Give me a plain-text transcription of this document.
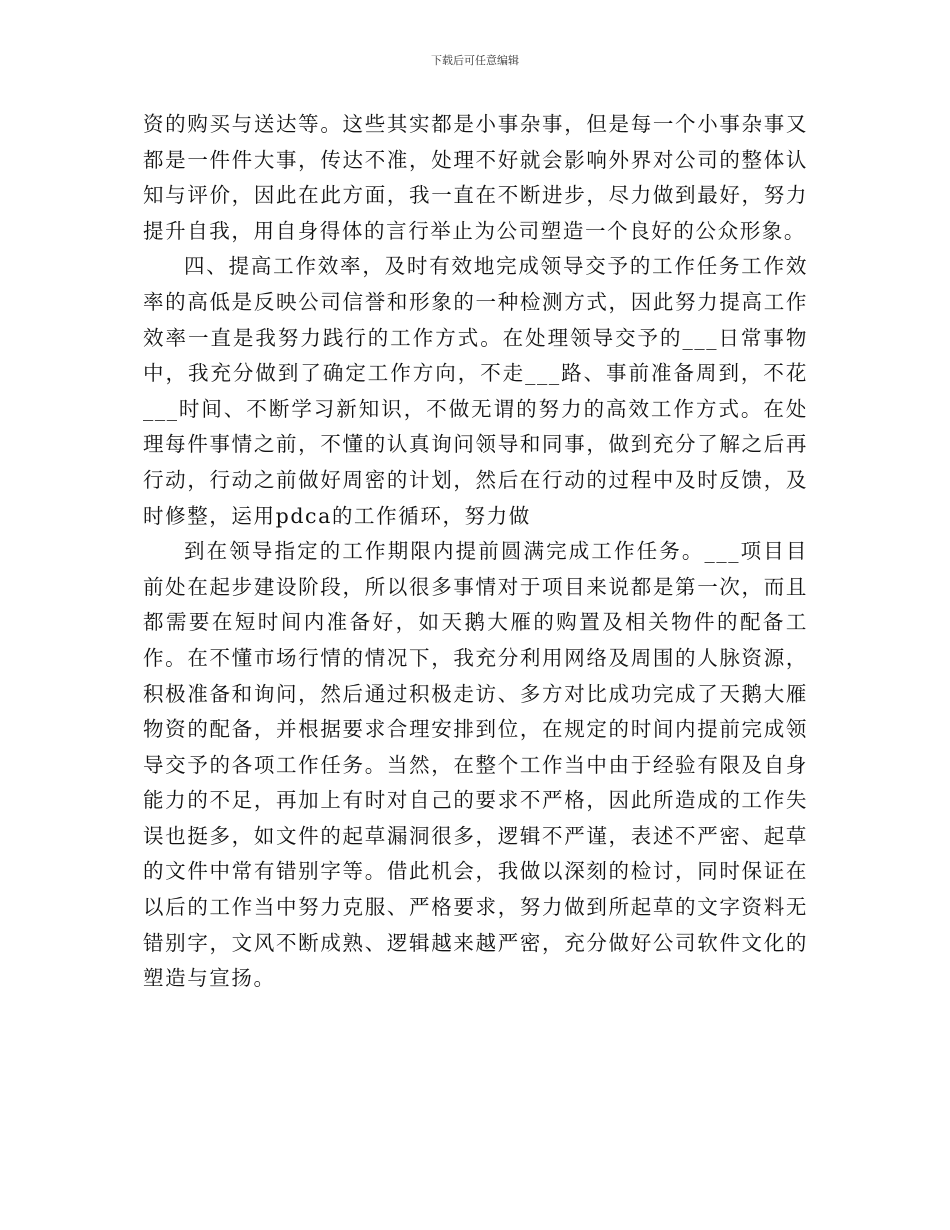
下载后可任意编辑

资的购买与送达等。这些其实都是小事杂事，但是每一个小事杂事又都是一件件大事，传达不准，处理不好就会影响外界对公司的整体认知与评价，因此在此方面，我一直在不断进步，尽力做到最好，努力提升自我，用自身得体的言行举止为公司塑造一个良好的公众形象。

四、提高工作效率，及时有效地完成领导交予的工作任务工作效率的高低是反映公司信誉和形象的一种检测方式，因此努力提高工作效率一直是我努力践行的工作方式。在处理领导交予的___日常事物中，我充分做到了确定工作方向，不走___路、事前准备周到，不花___时间、不断学习新知识，不做无谓的努力的高效工作方式。在处理每件事情之前，不懂的认真询问领导和同事，做到充分了解之后再行动，行动之前做好周密的计划，然后在行动的过程中及时反馈，及时修整，运用pdca的工作循环，努力做

到在领导指定的工作期限内提前圆满完成工作任务。___项目目前处在起步建设阶段，所以很多事情对于项目来说都是第一次，而且都需要在短时间内准备好，如天鹅大雁的购置及相关物件的配备工作。在不懂市场行情的情况下，我充分利用网络及周围的人脉资源，积极准备和询问，然后通过积极走访、多方对比成功完成了天鹅大雁物资的配备，并根据要求合理安排到位，在规定的时间内提前完成领导交予的各项工作任务。当然，在整个工作当中由于经验有限及自身能力的不足，再加上有时对自己的要求不严格，因此所造成的工作失误也挺多，如文件的起草漏洞很多，逻辑不严谨，表述不严密、起草的文件中常有错别字等。借此机会，我做以深刻的检讨，同时保证在以后的工作当中努力克服、严格要求，努力做到所起草的文字资料无错别字，文风不断成熟、逻辑越来越严密，充分做好公司软件文化的塑造与宣扬。
